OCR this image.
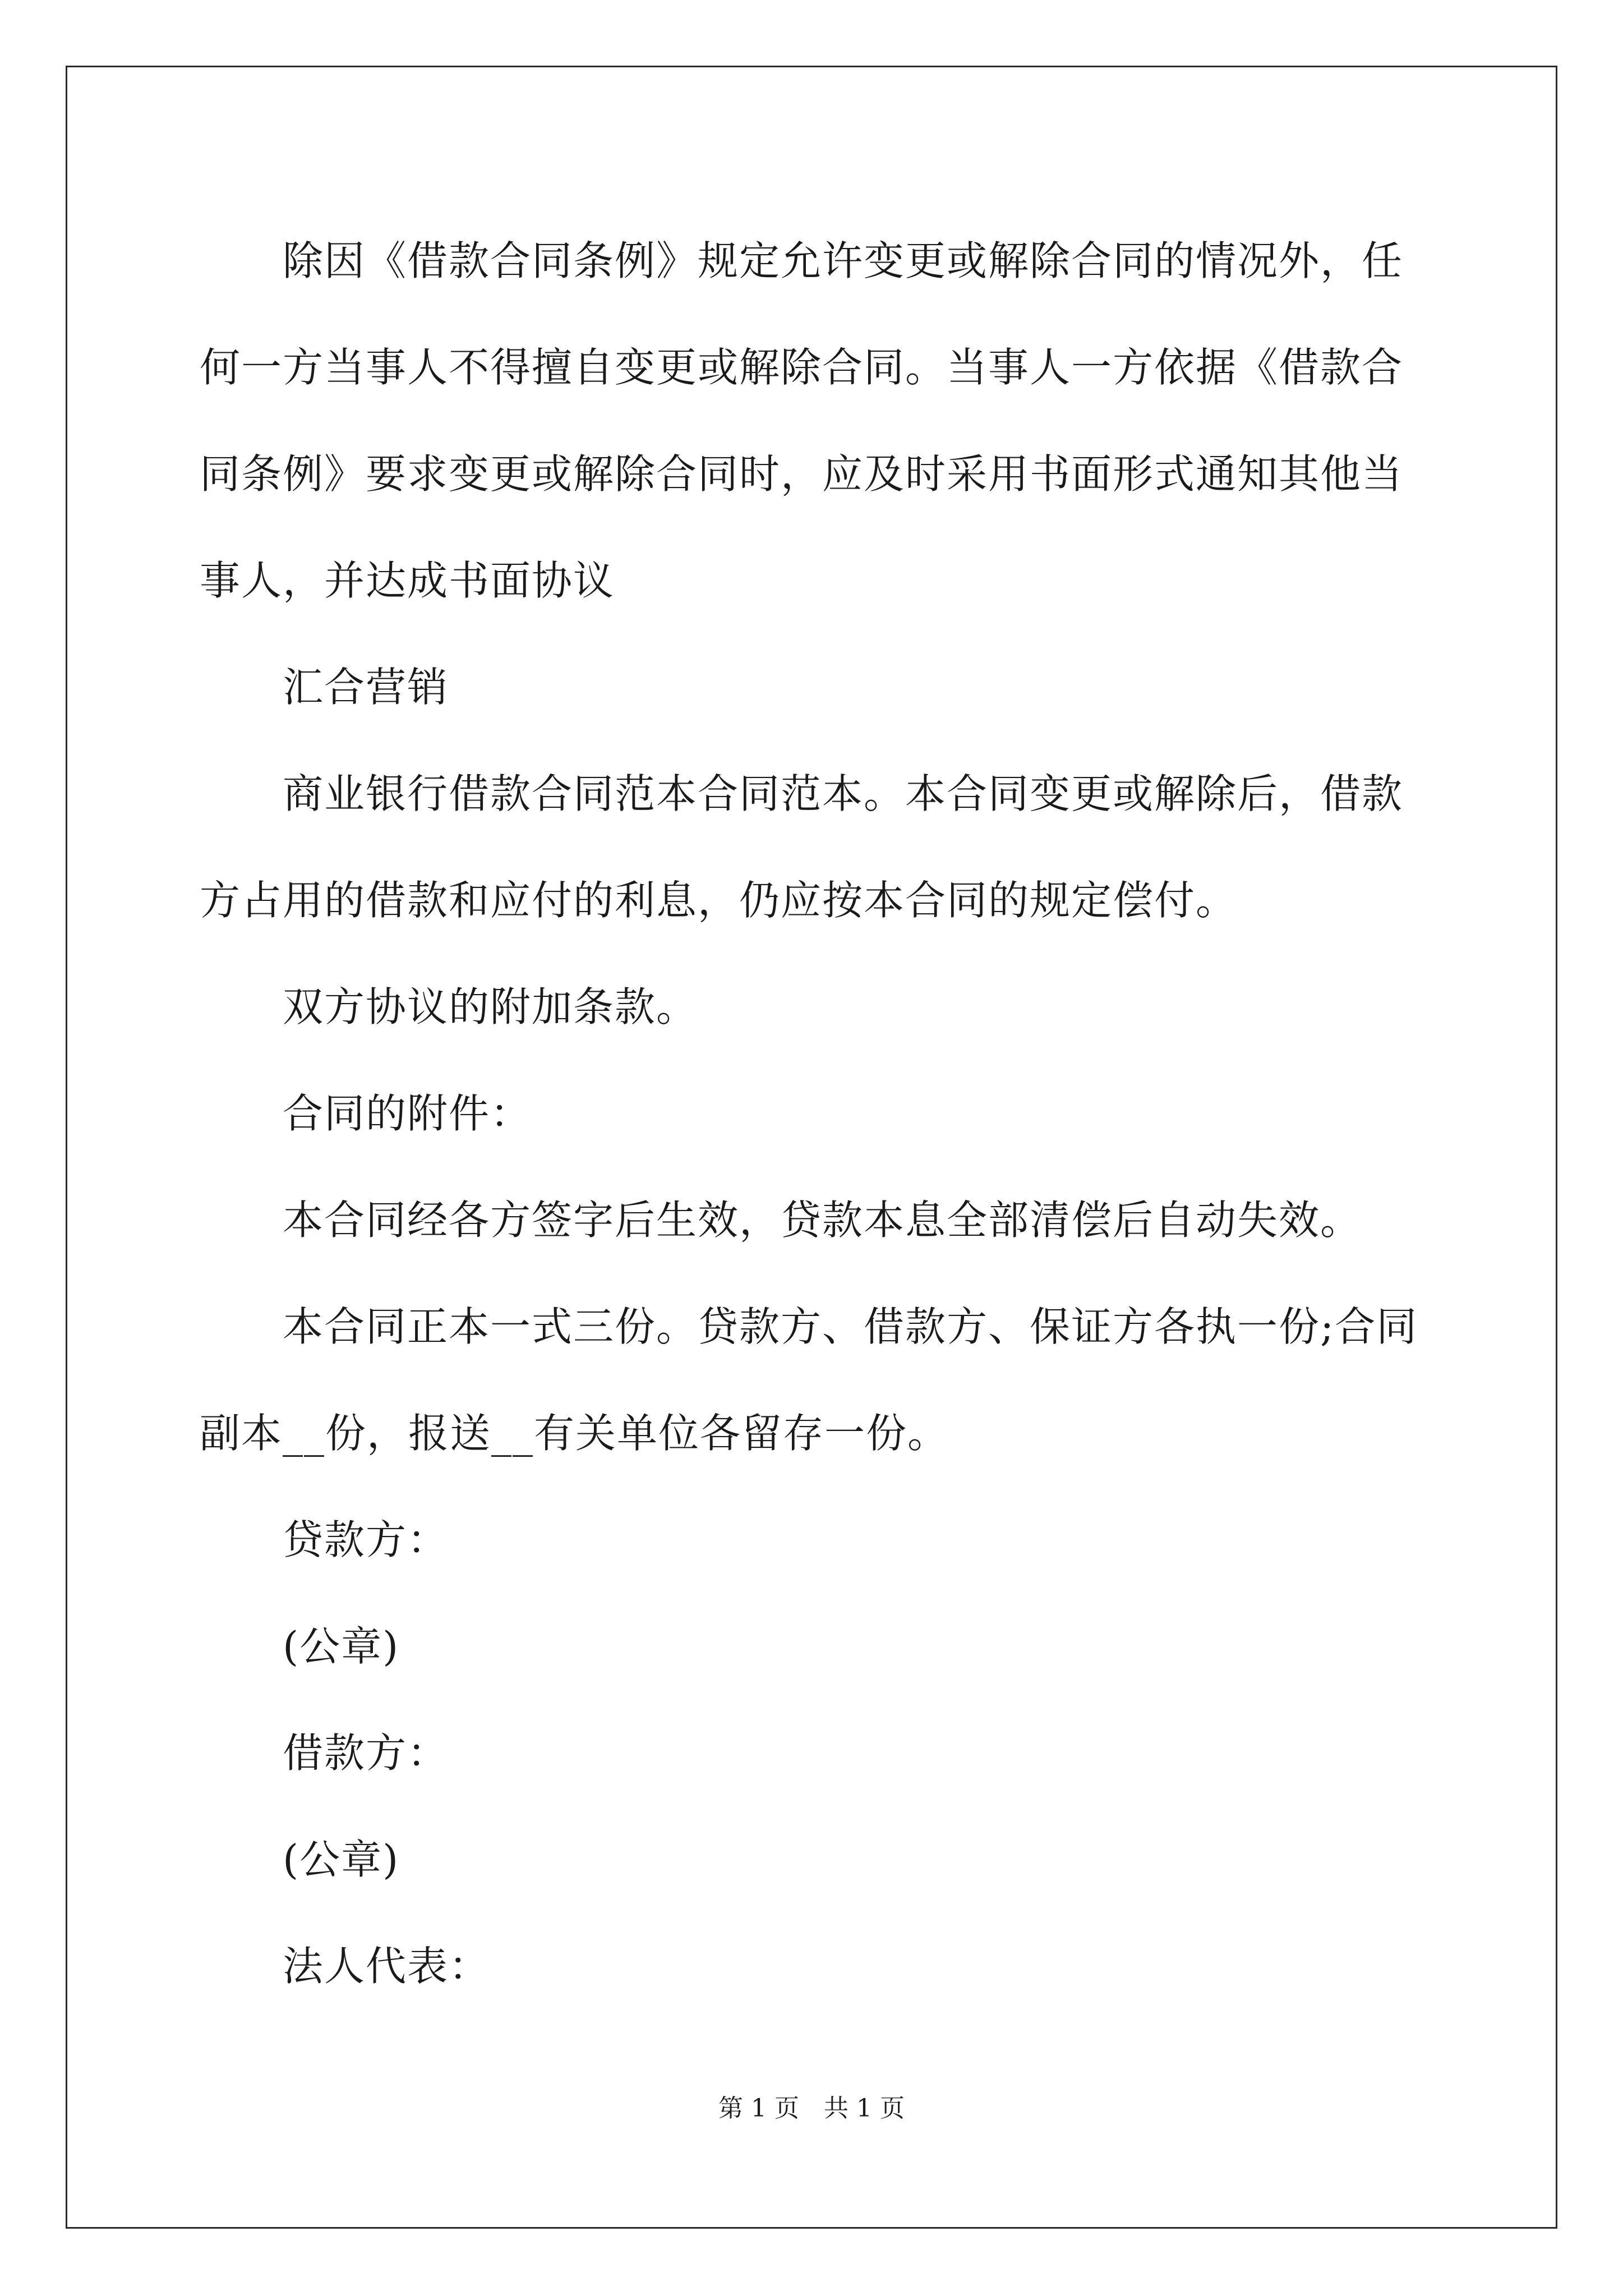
除因《借款合同条例》规定允许变更或解除合同的情况外，任何一方当事人不得擅自变更或解除合同。当事人一方依据《借款合同条例》要求变更或解除合同时，应及时采用书面形式通知其他当事人，并达成书面协议

汇合营销

商业银行借款合同范本合同范本。本合同变更或解除后，借款方占用的借款和应付的利息，仍应按本合同的规定偿付。

双方协议的附加条款。

合同的附件：

本合同经各方签字后生效，贷款本息全部清偿后自动失效。

本合同正本一式三份。贷款方、借款方、保证方各执一份;合同副本__份，报送__有关单位各留存一份。

贷款方：

(公章)

借款方：

(公章)

法人代表：

第 1 页　共 1 页
